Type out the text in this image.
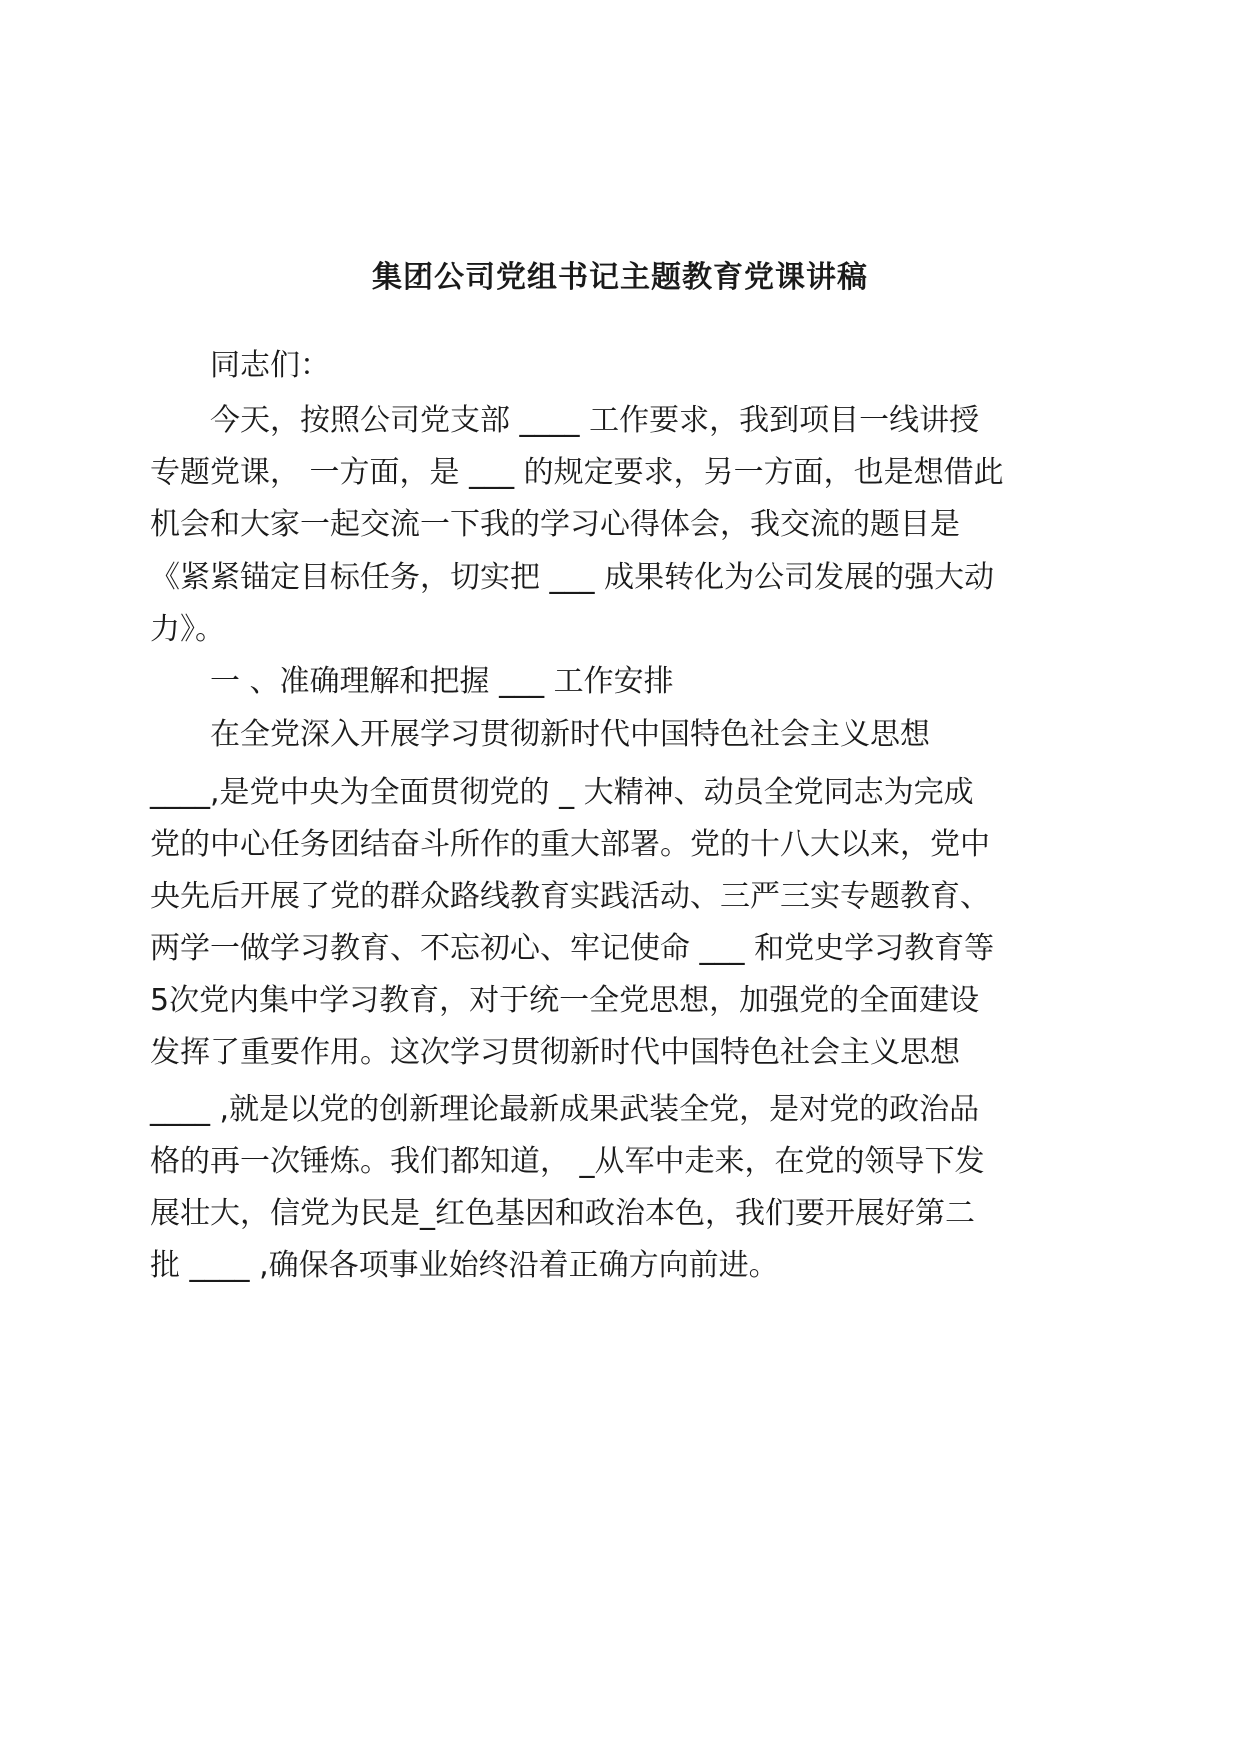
集团公司党组书记主题教育党课讲稿

同志们：

今天，按照公司党支部 ____ 工作要求，我到项目一线讲授

专题党课， 一方面，是 ___ 的规定要求，另一方面，也是想借此

机会和大家一起交流一下我的学习心得体会，我交流的题目是

《紧紧锚定目标任务，切实把 ___ 成果转化为公司发展的强大动

力》。

一 、准确理解和把握 ___ 工作安排

在全党深入开展学习贯彻新时代中国特色社会主义思想

____,是党中央为全面贯彻党的 _ 大精神、动员全党同志为完成

党的中心任务团结奋斗所作的重大部署。党的十八大以来，党中

央先后开展了党的群众路线教育实践活动、三严三实专题教育、

两学一做学习教育、不忘初心、牢记使命 ___ 和党史学习教育等

5次党内集中学习教育，对于统一全党思想，加强党的全面建设

发挥了重要作用。这次学习贯彻新时代中国特色社会主义思想

____ ,就是以党的创新理论最新成果武装全党，是对党的政治品

格的再一次锤炼。我们都知道， _从军中走来，在党的领导下发

展壮大，信党为民是_红色基因和政治本色，我们要开展好第二

批 ____ ,确保各项事业始终沿着正确方向前进。
